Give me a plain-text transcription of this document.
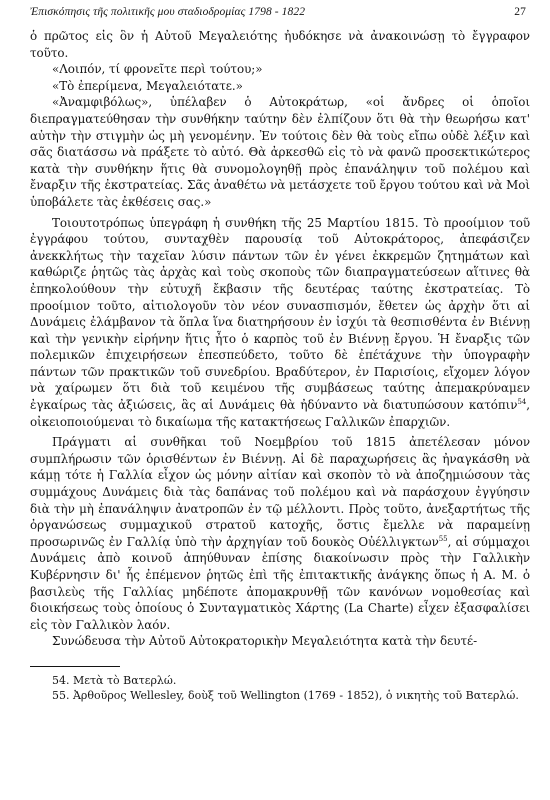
Ἐπισκόπησις τῆς πολιτικῆς μου σταδιοδρομίας 1798 - 1822	27

ὁ πρῶτος εἰς ὃν ἡ Αὐτοῦ Μεγαλειότης ἠυδόκησε νὰ ἀνακοινώσῃ τὸ ἔγγραφον τοῦτο.

«Λοιπόν, τί φρονεῖτε περὶ τούτου;»

«Τὸ ἐπερίμενα, Μεγαλειότατε.»

«Ἀναμφιβόλως», ὑπέλαβεν ὁ Αὐτοκράτωρ, «οἱ ἄνδρες οἱ ὁποῖοι διεπραγματεύθησαν τὴν συνθήκην ταύτην δὲν ἐλπίζουν ὅτι θὰ τὴν θεωρήσω κατ' αὐτὴν τὴν στιγμὴν ὡς μὴ γενομένην. Ἐν τούτοις δὲν θὰ τοὺς εἴπω οὐδὲ λέξιν καὶ σᾶς διατάσσω νὰ πράξετε τὸ αὐτό. Θὰ ἀρκεσθῶ εἰς τὸ νὰ φανῶ προσεκτικώτερος κατὰ τὴν συνθήκην ἥτις θὰ συνομολογηθῇ πρὸς ἐπανάληψιν τοῦ πολέμου καὶ ἔναρξιν τῆς ἐκστρατείας. Σᾶς ἀναθέτω νὰ μετάσχετε τοῦ ἔργου τούτου καὶ νὰ Μοὶ ὑποβάλετε τὰς ἐκθέσεις σας.»

Τοιουτοτρόπως ὑπεγράφη ἡ συνθήκη τῆς 25 Μαρτίου 1815. Τὸ προοίμιον τοῦ ἐγγράφου τούτου, συνταχθὲν παρουσίᾳ τοῦ Αὐτοκράτορος, ἀπεφάσιζεν ἀνεκκλήτως τὴν ταχεῖαν λύσιν πάντων τῶν ἐν γένει ἐκκρεμῶν ζητημάτων καὶ καθώριζε ῥητῶς τὰς ἀρχὰς καὶ τοὺς σκοποὺς τῶν διαπραγματεύσεων αἵτινες θὰ ἐπηκολούθουν τὴν εὐτυχῆ ἔκβασιν τῆς δευτέρας ταύτης ἐκστρατείας. Τὸ προοίμιον τοῦτο, αἰτιολογοῦν τὸν νέον συνασπισμόν, ἔθετεν ὡς ἀρχὴν ὅτι αἱ Δυνάμεις ἐλάμβανον τὰ ὅπλα ἵνα διατηρήσουν ἐν ἰσχύι τὰ θεσπισθέντα ἐν Βιέννῃ καὶ τὴν γενικὴν εἰρήνην ἥτις ἦτο ὁ καρπὸς τοῦ ἐν Βιέννῃ ἔργου. Ἡ ἔναρξις τῶν πολεμικῶν ἐπιχειρήσεων ἐπεσπεύδετο, τοῦτο δὲ ἐπέτάχυνε τὴν ὑπογραφὴν πάντων τῶν πρακτικῶν τοῦ συνεδρίου. Βραδύτερον, ἐν Παρισίοις, εἴχομεν λόγον νὰ χαίρωμεν ὅτι διὰ τοῦ κειμένου τῆς συμβάσεως ταύτης ἀπεμακρύναμεν ἐγκαίρως τὰς ἀξιώσεις, ἃς αἱ Δυνάμεις θὰ ἠδύναντο νὰ διατυπώσουν κατόπιν$^{54}$, οἰκειοποιούμεναι τὸ δικαίωμα τῆς κατακτήσεως Γαλλικῶν ἐπαρχιῶν.

Πράγματι αἱ συνθῆκαι τοῦ Νοεμβρίου τοῦ 1815 ἀπετέλεσαν μόνον συμπλήρωσιν τῶν ὁρισθέντων ἐν Βιέννῃ. Αἱ δὲ παραχωρήσεις ἃς ἠναγκάσθη νὰ κάμῃ τότε ἡ Γαλλία εἶχον ὡς μόνην αἰτίαν καὶ σκοπὸν τὸ νὰ ἀποζημιώσουν τὰς συμμάχους Δυνάμεις διὰ τὰς δαπάνας τοῦ πολέμου καὶ νὰ παράσχουν ἐγγύησιν διὰ τὴν μὴ ἐπανάληψιν ἀνατροπῶν ἐν τῷ μέλλοντι. Πρὸς τοῦτο, ἀνεξαρτήτως τῆς ὀργανώσεως συμμαχικοῦ στρατοῦ κατοχῆς, ὅστις ἔμελλε νὰ παραμείνῃ προσωρινῶς ἐν Γαλλίᾳ ὑπὸ τὴν ἀρχηγίαν τοῦ δουκὸς Οὐέλλιγκτων$^{55}$, αἱ σύμμαχοι Δυνάμεις ἀπὸ κοινοῦ ἀπηύθυναν ἐπίσης διακοίνωσιν πρὸς τὴν Γαλλικὴν Κυβέρνησιν δι' ἧς ἐπέμενον ῥητῶς ἐπὶ τῆς ἐπιτακτικῆς ἀνάγκης ὅπως ἡ Α. Μ. ὁ βασιλεὺς τῆς Γαλλίας μηδέποτε ἀπομακρυνθῇ τῶν κανόνων νομοθεσίας καὶ διοικήσεως τοὺς ὁποίους ὁ Συνταγματικὸς Χάρτης (La Charte) εἶχεν ἐξασφαλίσει εἰς τὸν Γαλλικὸν λαόν.

Συνώδευσα τὴν Αὐτοῦ Αὐτοκρατορικὴν Μεγαλειότητα κατὰ τὴν δευτέ-

54. Μετὰ τὸ Βατερλώ.

55. Ἀρθοῦρος Wellesley, δοὺξ τοῦ Wellington (1769 - 1852), ὁ νικητὴς τοῦ Βατερλώ.
